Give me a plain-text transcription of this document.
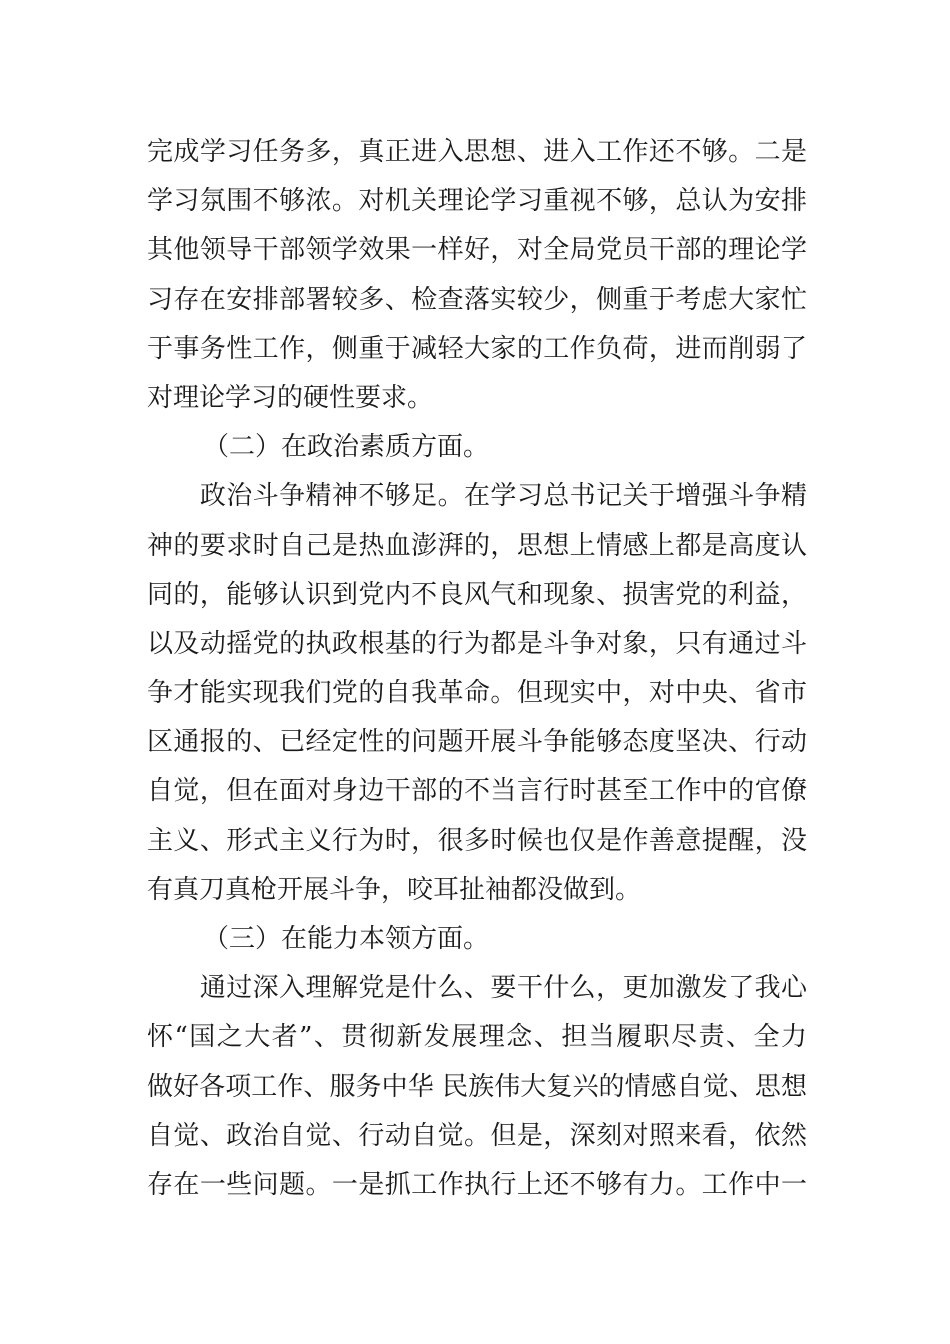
完成学习任务多，真正进入思想、进入工作还不够。二是
学习氛围不够浓。对机关理论学习重视不够，总认为安排
其他领导干部领学效果一样好，对全局党员干部的理论学
习存在安排部署较多、检查落实较少，侧重于考虑大家忙
于事务性工作，侧重于减轻大家的工作负荷，进而削弱了
对理论学习的硬性要求。
（二）在政治素质方面。
　　政治斗争精神不够足。在学习总书记关于增强斗争精
神的要求时自己是热血澎湃的，思想上情感上都是高度认
同的，能够认识到党内不良风气和现象、损害党的利益，
以及动摇党的执政根基的行为都是斗争对象，只有通过斗
争才能实现我们党的自我革命。但现实中，对中央、省市
区通报的、已经定性的问题开展斗争能够态度坚决、行动
自觉，但在面对身边干部的不当言行时甚至工作中的官僚
主义、形式主义行为时，很多时候也仅是作善意提醒，没
有真刀真枪开展斗争，咬耳扯袖都没做到。
（三）在能力本领方面。
　　通过深入理解党是什么、要干什么，更加激发了我心
怀“国之大者”、贯彻新发展理念、担当履职尽责、全力
做好各项工作、服务中华 民族伟大复兴的情感自觉、思想
自觉、政治自觉、行动自觉。但是，深刻对照来看，依然
存在一些问题。一是抓工作执行上还不够有力。工作中一
